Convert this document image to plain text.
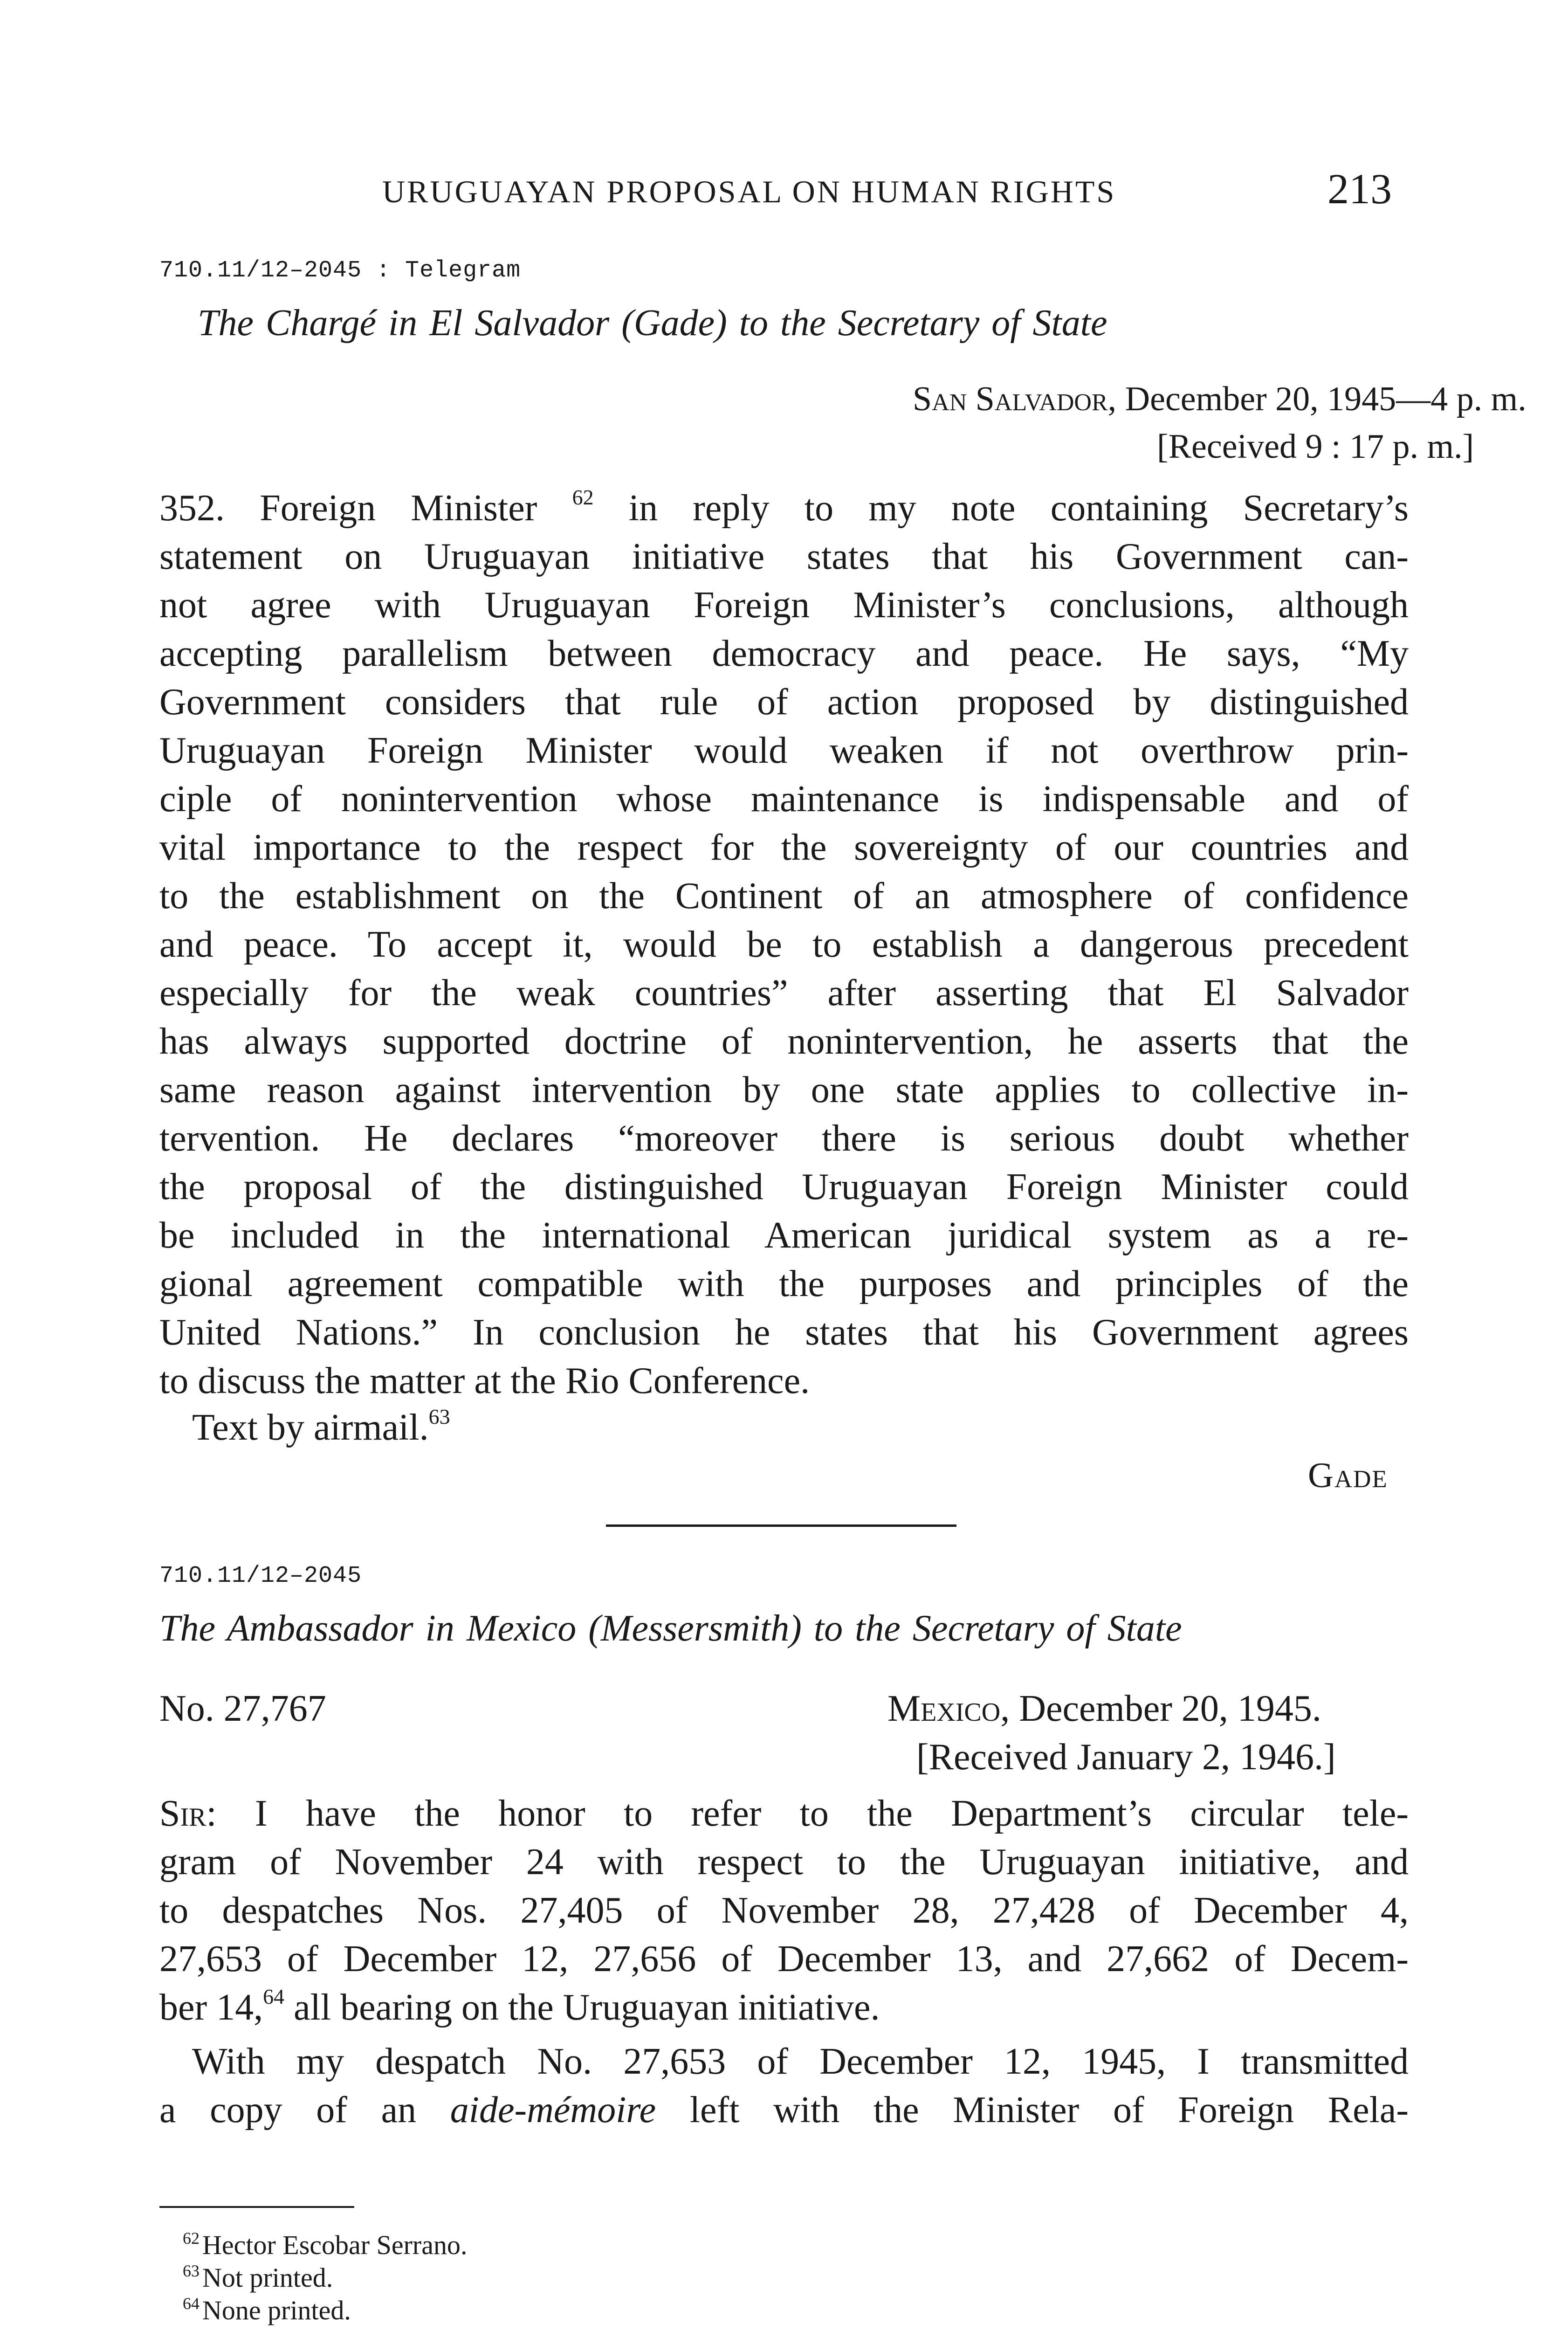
URUGUAYAN PROPOSAL ON HUMAN RIGHTS	213
710.11/12–2045 : Telegram
The Chargé in El Salvador (Gade) to the Secretary of State
San Salvador, December 20, 1945—4 p. m.
[Received 9 : 17 p. m.]
352. Foreign Minister $^{62}$ in reply to my note containing Secretary’s
statement on Uruguayan initiative states that his Government can-
not agree with Uruguayan Foreign Minister’s conclusions, although
accepting parallelism between democracy and peace. He says, “My
Government considers that rule of action proposed by distinguished
Uruguayan Foreign Minister would weaken if not overthrow prin-
ciple of nonintervention whose maintenance is indispensable and of
vital importance to the respect for the sovereignty of our countries and
to the establishment on the Continent of an atmosphere of confidence
and peace. To accept it, would be to establish a dangerous precedent
especially for the weak countries” after asserting that El Salvador
has always supported doctrine of nonintervention, he asserts that the
same reason against intervention by one state applies to collective in-
tervention. He declares “moreover there is serious doubt whether
the proposal of the distinguished Uruguayan Foreign Minister could
be included in the international American juridical system as a re-
gional agreement compatible with the purposes and principles of the
United Nations.” In conclusion he states that his Government agrees
to discuss the matter at the Rio Conference.
Text by airmail.$^{63}$
Gade
710.11/12–2045
The Ambassador in Mexico (Messersmith) to the Secretary of State
No. 27,767	Mexico, December 20, 1945.
[Received January 2, 1946.]
Sir: I have the honor to refer to the Department’s circular tele-
gram of November 24 with respect to the Uruguayan initiative, and
to despatches Nos. 27,405 of November 28, 27,428 of December 4,
27,653 of December 12, 27,656 of December 13, and 27,662 of Decem-
ber 14,64 all bearing on the Uruguayan initiative.
With my despatch No. 27,653 of December 12, 1945, I transmitted
a copy of an aide-mémoire left with the Minister of Foreign Rela-
$^{62}$ Hector Escobar Serrano.
$^{63}$ Not printed.
$^{64}$ None printed.
